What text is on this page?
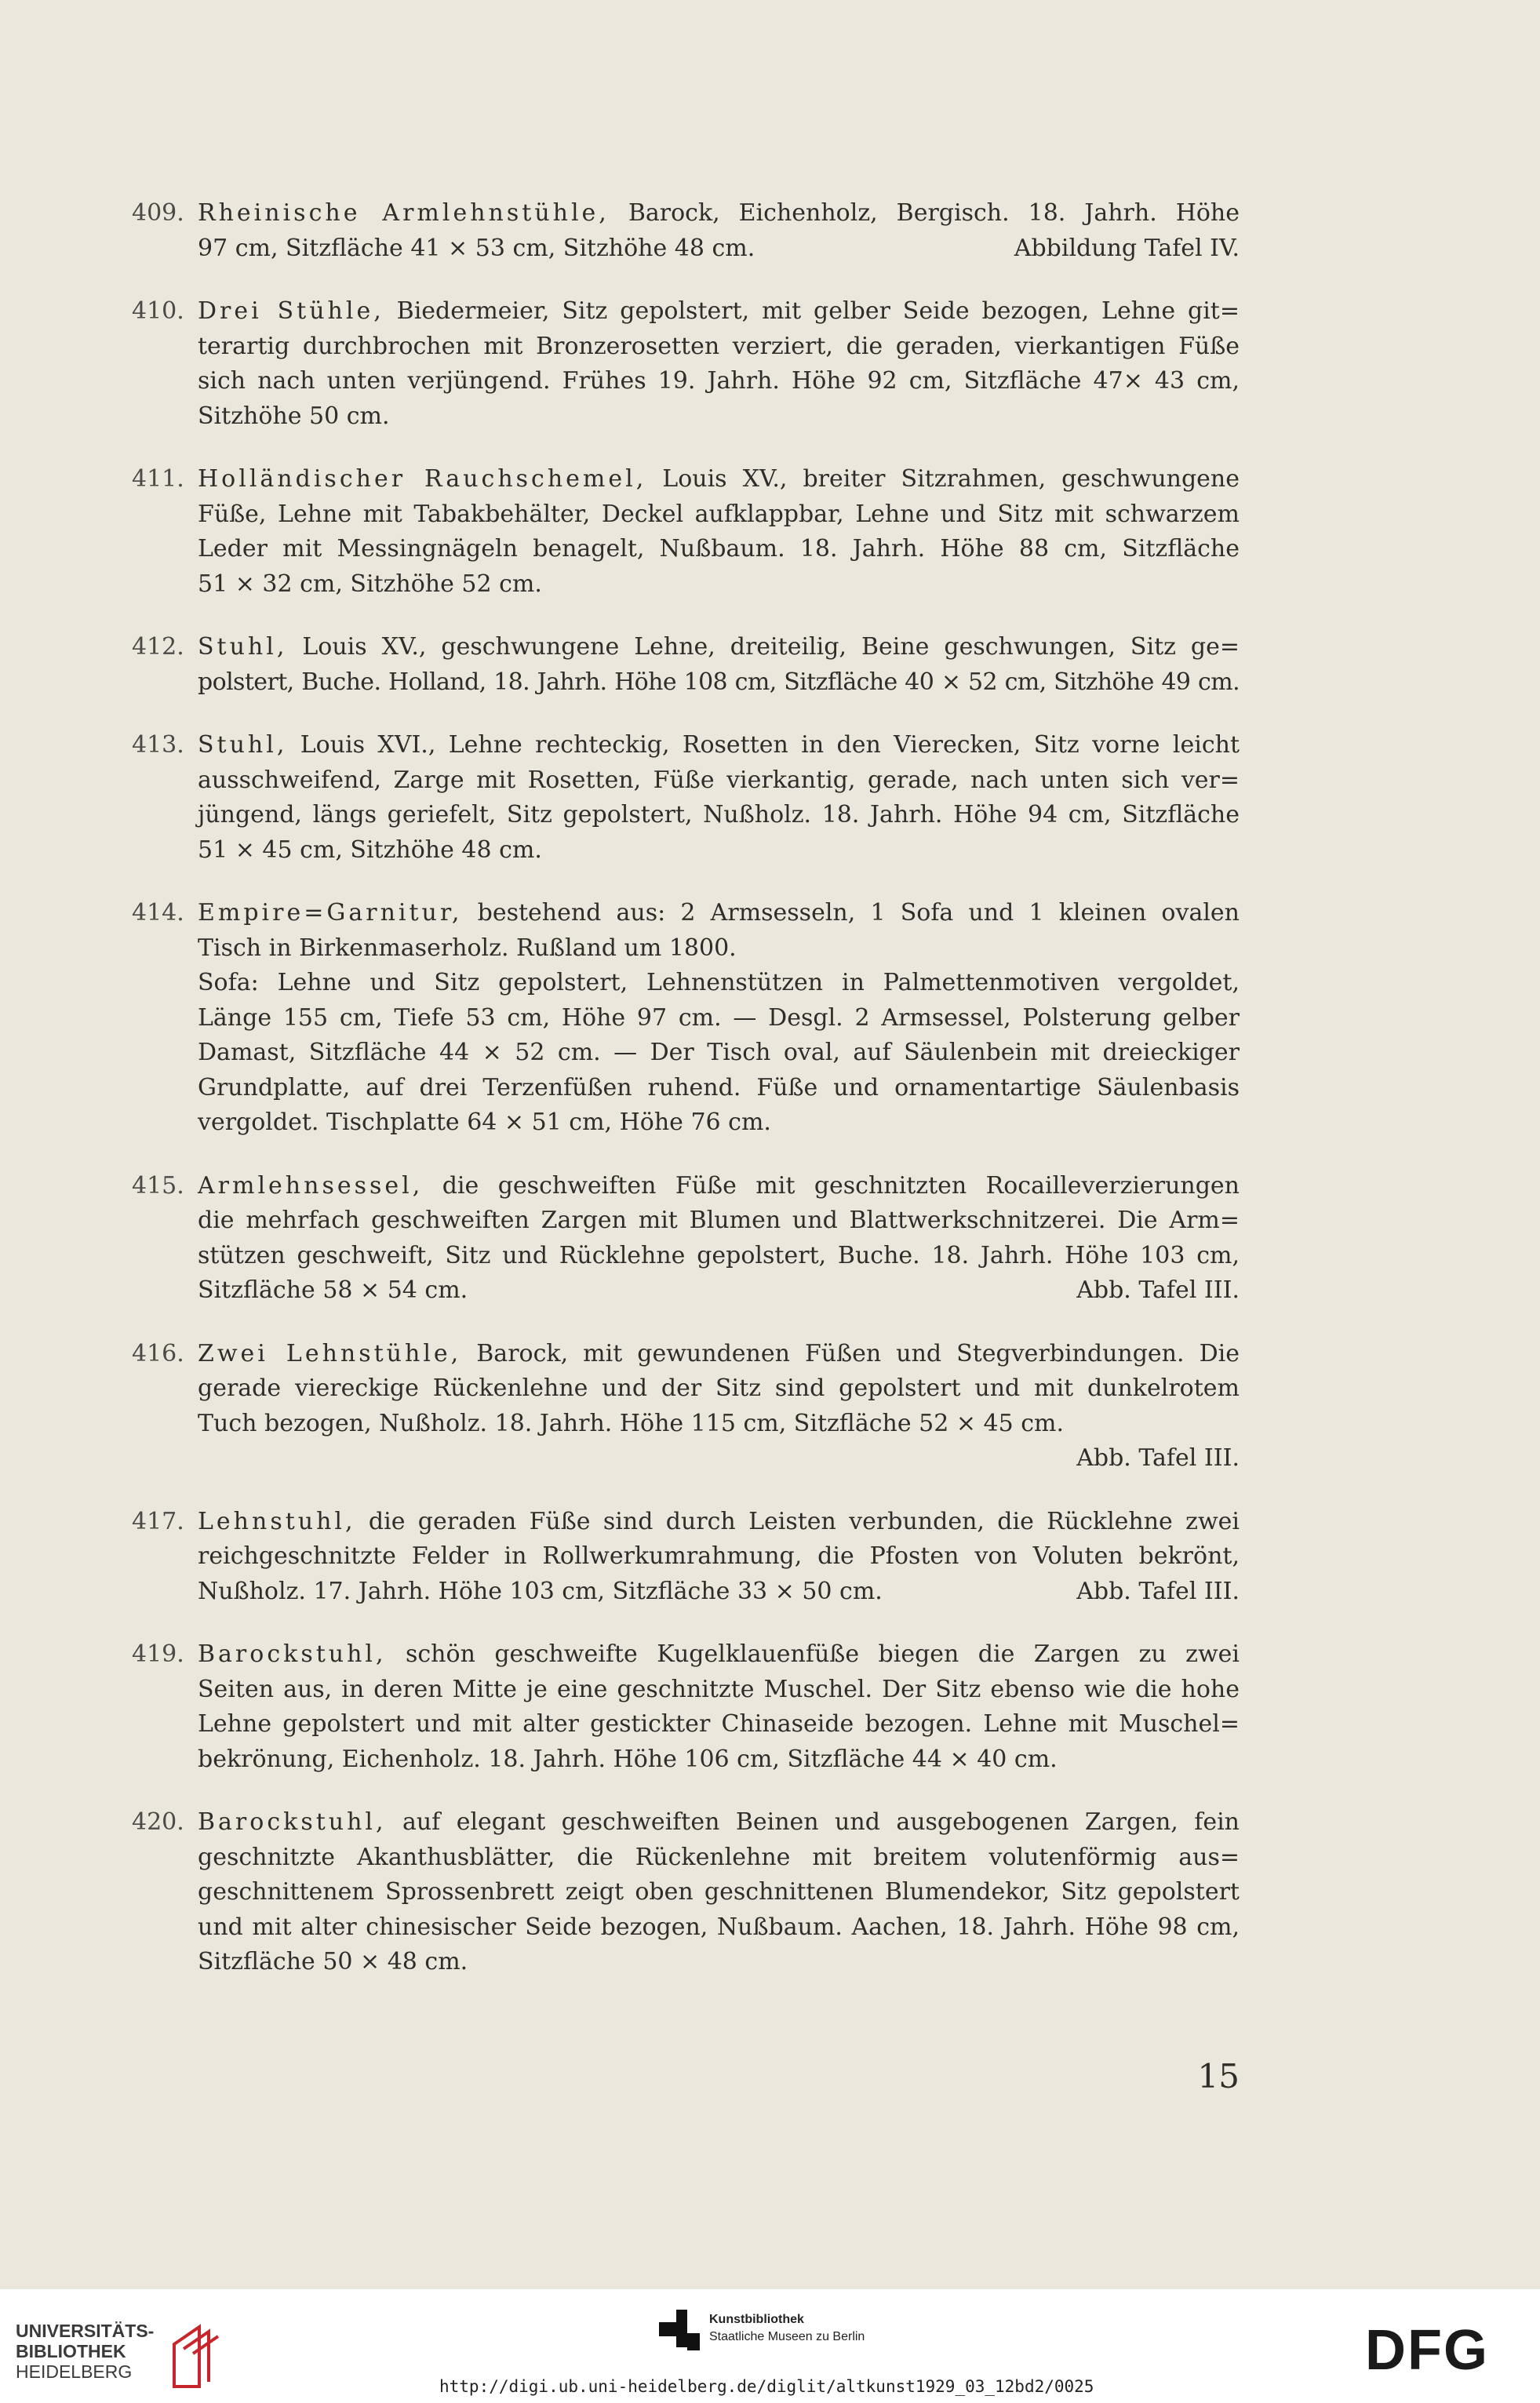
409. Rheinische Armlehnstühle, Barock, Eichenholz, Bergisch. 18. Jahrh. Höhe
97 cm, Sitzfläche 41 × 53 cm, Sitzhöhe 48 cm.	Abbildung Tafel IV.
410. Drei Stühle, Biedermeier, Sitz gepolstert, mit gelber Seide bezogen, Lehne git=
terartig durchbrochen mit Bronzerosetten verziert, die geraden, vierkantigen Füße
sich nach unten verjüngend. Frühes 19. Jahrh. Höhe 92 cm, Sitzfläche 47× 43 cm,
Sitzhöhe 50 cm.
411. Holländischer Rauchschemel, Louis XV., breiter Sitzrahmen, geschwungene
Füße, Lehne mit Tabakbehälter, Deckel aufklappbar, Lehne und Sitz mit schwarzem
Leder mit Messingnägeln benagelt, Nußbaum. 18. Jahrh. Höhe 88 cm, Sitzfläche
51 × 32 cm, Sitzhöhe 52 cm.
412. Stuhl, Louis XV., geschwungene Lehne, dreiteilig, Beine geschwungen, Sitz ge=
polstert, Buche. Holland, 18. Jahrh. Höhe 108 cm, Sitzfläche 40 × 52 cm, Sitzhöhe 49 cm.
413. Stuhl, Louis XVI., Lehne rechteckig, Rosetten in den Vierecken, Sitz vorne leicht
ausschweifend, Zarge mit Rosetten, Füße vierkantig, gerade, nach unten sich ver=
jüngend, längs geriefelt, Sitz gepolstert, Nußholz. 18. Jahrh. Höhe 94 cm, Sitzfläche
51 × 45 cm, Sitzhöhe 48 cm.
414. Empire=Garnitur, bestehend aus: 2 Armsesseln, 1 Sofa und 1 kleinen ovalen
Tisch in Birkenmaserholz. Rußland um 1800.
Sofa: Lehne und Sitz gepolstert, Lehnenstützen in Palmettenmotiven vergoldet,
Länge 155 cm, Tiefe 53 cm, Höhe 97 cm. — Desgl. 2 Armsessel, Polsterung gelber
Damast, Sitzfläche 44 × 52 cm. — Der Tisch oval, auf Säulenbein mit dreieckiger
Grundplatte, auf drei Terzenfüßen ruhend. Füße und ornamentartige Säulenbasis
vergoldet. Tischplatte 64 × 51 cm, Höhe 76 cm.
415. Armlehnsessel, die geschweiften Füße mit geschnitzten Rocailleverzierungen
die mehrfach geschweiften Zargen mit Blumen und Blattwerkschnitzerei. Die Arm=
stützen geschweift, Sitz und Rücklehne gepolstert, Buche. 18. Jahrh. Höhe 103 cm,
Sitzfläche 58 × 54 cm.	Abb. Tafel III.
416. Zwei Lehnstühle, Barock, mit gewundenen Füßen und Stegverbindungen. Die
gerade viereckige Rückenlehne und der Sitz sind gepolstert und mit dunkelrotem
Tuch bezogen, Nußholz. 18. Jahrh. Höhe 115 cm, Sitzfläche 52 × 45 cm.
Abb. Tafel III.
417. Lehnstuhl, die geraden Füße sind durch Leisten verbunden, die Rücklehne zwei
reichgeschnitzte Felder in Rollwerkumrahmung, die Pfosten von Voluten bekrönt,
Nußholz. 17. Jahrh. Höhe 103 cm, Sitzfläche 33 × 50 cm.	Abb. Tafel III.
419. Barockstuhl, schön geschweifte Kugelklauenfüße biegen die Zargen zu zwei
Seiten aus, in deren Mitte je eine geschnitzte Muschel. Der Sitz ebenso wie die hohe
Lehne gepolstert und mit alter gestickter Chinaseide bezogen. Lehne mit Muschel=
bekrönung, Eichenholz. 18. Jahrh. Höhe 106 cm, Sitzfläche 44 × 40 cm.
420. Barockstuhl, auf elegant geschweiften Beinen und ausgebogenen Zargen, fein
geschnitzte Akanthusblätter, die Rückenlehne mit breitem volutenförmig aus=
geschnittenem Sprossenbrett zeigt oben geschnittenen Blumendekor, Sitz gepolstert
und mit alter chinesischer Seide bezogen, Nußbaum. Aachen, 18. Jahrh. Höhe 98 cm,
Sitzfläche 50 × 48 cm.
15
UNIVERSITÄTS-
BIBLIOTHEK
HEIDELBERG
Kunstbibliothek
Staatliche Museen zu Berlin	DFG
http://digi.ub.uni-heidelberg.de/diglit/altkunst1929_03_12bd2/0025
